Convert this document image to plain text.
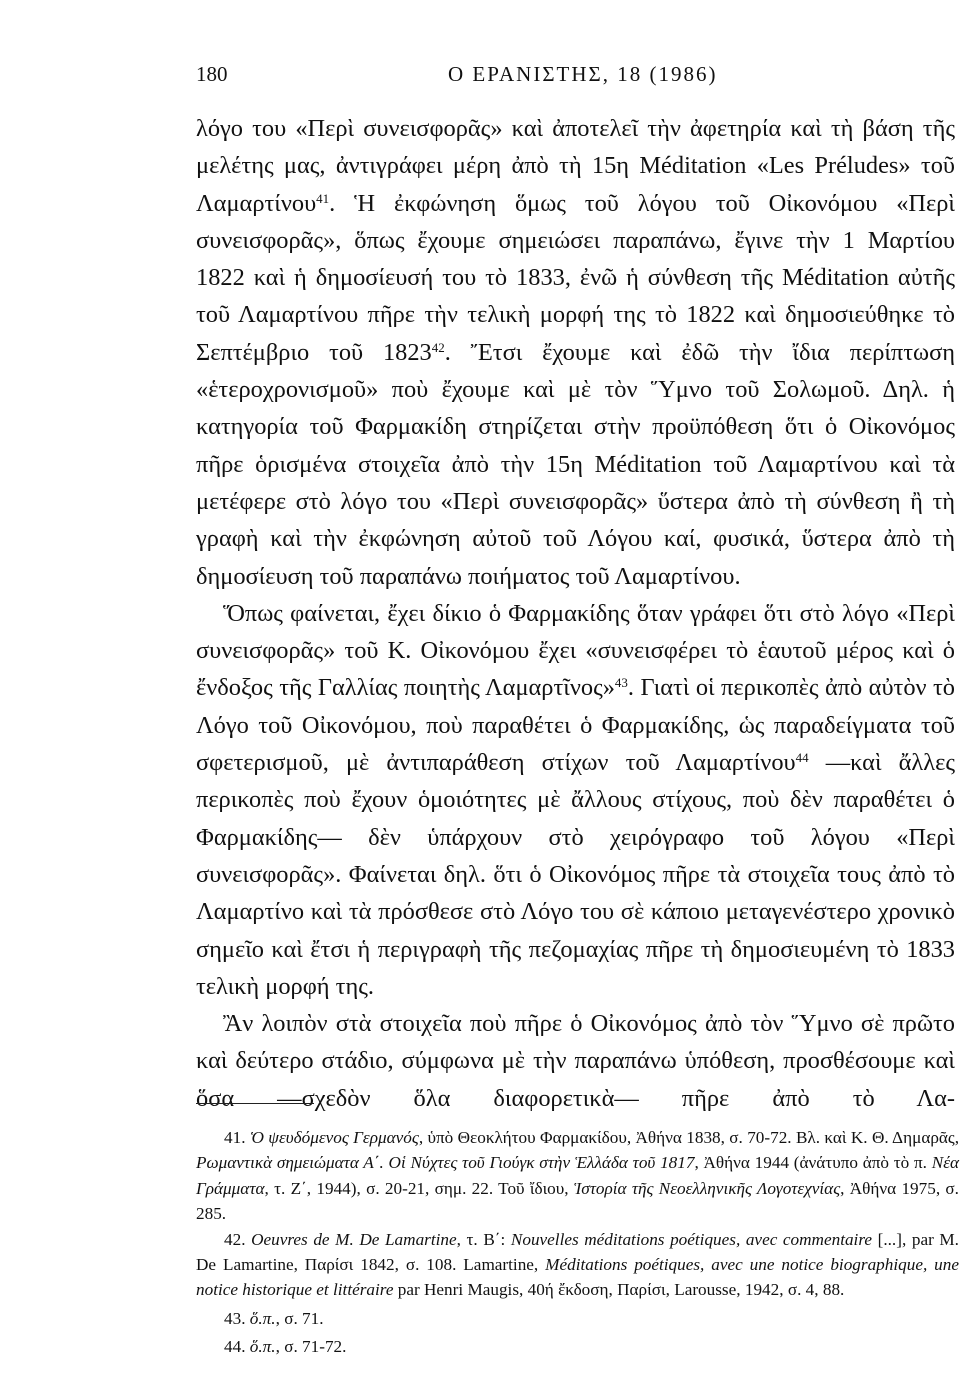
180	Ο ΕΡΑΝΙΣΤΗΣ, 18 (1986)

λόγο του «Περὶ συνεισφορᾶς» καὶ ἀποτελεῖ τὴν ἀφετηρία καὶ τὴ βάση τῆς μελέτης μας, ἀντιγράφει μέρη ἀπὸ τὴ 15η Méditation «Les Préludes» τοῦ Λαμαρτίνου$^{41}$. Ἡ ἐκφώνηση ὅμως τοῦ λόγου τοῦ Οἰκονόμου «Περὶ συνεισφορᾶς», ὅπως ἔχουμε σημειώσει παραπάνω, ἔγινε τὴν 1 Μαρτίου 1822 καὶ ἡ δημοσίευσή του τὸ 1833, ἐνῶ ἡ σύνθεση τῆς Méditation αὐτῆς τοῦ Λαμαρτίνου πῆρε τὴν τελικὴ μορφή της τὸ 1822 καὶ δημοσιεύθηκε τὸ Σεπτέμβριο τοῦ 1823$^{42}$. Ἔτσι ἔχουμε καὶ ἐδῶ τὴν ἴδια περίπτωση «ἑτεροχρονισμοῦ» ποὺ ἔχουμε καὶ μὲ τὸν Ὕμνο τοῦ Σολωμοῦ. Δηλ. ἡ κατηγορία τοῦ Φαρμακίδη στηρίζεται στὴν προϋπόθεση ὅτι ὁ Οἰκονόμος πῆρε ὁρισμένα στοιχεῖα ἀπὸ τὴν 15η Méditation τοῦ Λαμαρτίνου καὶ τὰ μετέφερε στὸ λόγο του «Περὶ συνεισφορᾶς» ὕστερα ἀπὸ τὴ σύνθεση ἢ τὴ γραφὴ καὶ τὴν ἐκφώνηση αὐτοῦ τοῦ Λόγου καί, φυσικά, ὕστερα ἀπὸ τὴ δημοσίευση τοῦ παραπάνω ποιήματος τοῦ Λαμαρτίνου.

Ὅπως φαίνεται, ἔχει δίκιο ὁ Φαρμακίδης ὅταν γράφει ὅτι στὸ λόγο «Περὶ συνεισφορᾶς» τοῦ Κ. Οἰκονόμου ἔχει «συνεισφέρει τὸ ἑαυτοῦ μέρος καὶ ὁ ἔνδοξος τῆς Γαλλίας ποιητὴς Λαμαρτῖνος»$^{43}$. Γιατὶ οἱ περικοπὲς ἀπὸ αὐτὸν τὸ Λόγο τοῦ Οἰκονόμου, ποὺ παραθέτει ὁ Φαρμακίδης, ὡς παραδείγματα τοῦ σφετερισμοῦ, μὲ ἀντιπαράθεση στίχων τοῦ Λαμαρτίνου$^{44}$ —καὶ ἄλλες περικοπὲς ποὺ ἔχουν ὁμοιότητες μὲ ἄλλους στίχους, ποὺ δὲν παραθέτει ὁ Φαρμακίδης— δὲν ὑπάρχουν στὸ χειρόγραφο τοῦ λόγου «Περὶ συνεισφορᾶς». Φαίνεται δηλ. ὅτι ὁ Οἰκονόμος πῆρε τὰ στοιχεῖα τους ἀπὸ τὸ Λαμαρτίνο καὶ τὰ πρόσθεσε στὸ Λόγο του σὲ κάποιο μεταγενέστερο χρονικὸ σημεῖο καὶ ἔτσι ἡ περιγραφὴ τῆς πεζομαχίας πῆρε τὴ δημοσιευμένη τὸ 1833 τελικὴ μορφή της.

Ἂν λοιπὸν στὰ στοιχεῖα ποὺ πῆρε ὁ Οἰκονόμος ἀπὸ τὸν Ὕμνο σὲ πρῶτο καὶ δεύτερο στάδιο, σύμφωνα μὲ τὴν παραπάνω ὑπόθεση, προσθέσουμε καὶ ὅσα —σχεδὸν ὅλα διαφορετικὰ— πῆρε ἀπὸ τὸ Λα-

41. Ὁ ψευδόμενος Γερμανός, ὑπὸ Θεοκλήτου Φαρμακίδου, Ἀθήνα 1838, σ. 70-72. Βλ. καὶ Κ. Θ. Δημαρᾶς, Ρωμαντικὰ σημειώματα Α΄. Οἱ Νύχτες τοῦ Γιούγκ στὴν Ἑλλάδα τοῦ 1817, Ἀθήνα 1944 (ἀνάτυπο ἀπὸ τὸ π. Νέα Γράμματα, τ. Ζ΄, 1944), σ. 20-21, σημ. 22. Τοῦ ἴδιου, Ἱστορία τῆς Νεοελληνικῆς Λογοτεχνίας, Ἀθήνα 1975, σ. 285.

42. Oeuvres de M. De Lamartine, τ. Β΄: Nouvelles méditations poétiques, avec commentaire [...], par M. De Lamartine, Παρίσι 1842, σ. 108. Lamartine, Méditations poétiques, avec une notice biographique, une notice historique et littéraire par Henri Maugis, 40ή ἔκδοση, Παρίσι, Larousse, 1942, σ. 4, 88.

43. ὅ.π., σ. 71.

44. ὅ.π., σ. 71-72.
